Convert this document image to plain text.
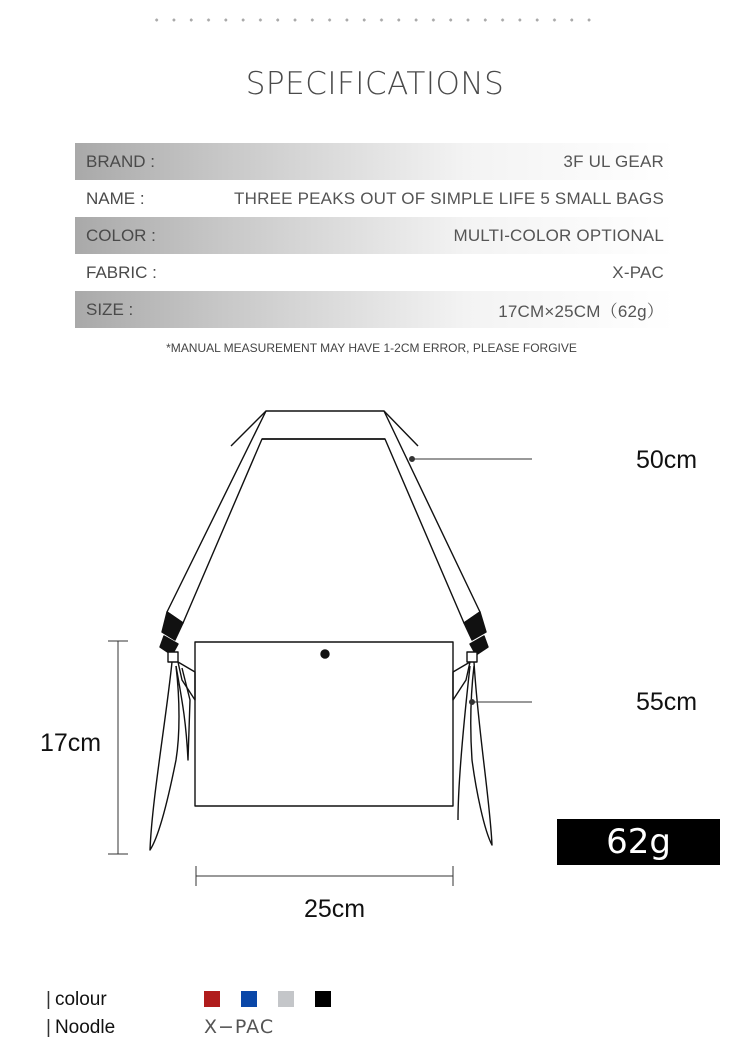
SPECIFICATIONS
BRAND :	3F UL GEAR
NAME :	THREE PEAKS OUT OF SIMPLE LIFE 5 SMALL BAGS
COLOR :	MULTI-COLOR OPTIONAL
FABRIC :	X-PAC
SIZE :	17CM×25CM（62g）
*MANUAL MEASUREMENT MAY HAVE 1-2CM ERROR, PLEASE FORGIVE
50cm
55cm
17cm
25cm
62g
| colour
| Noodle	X−PAC
